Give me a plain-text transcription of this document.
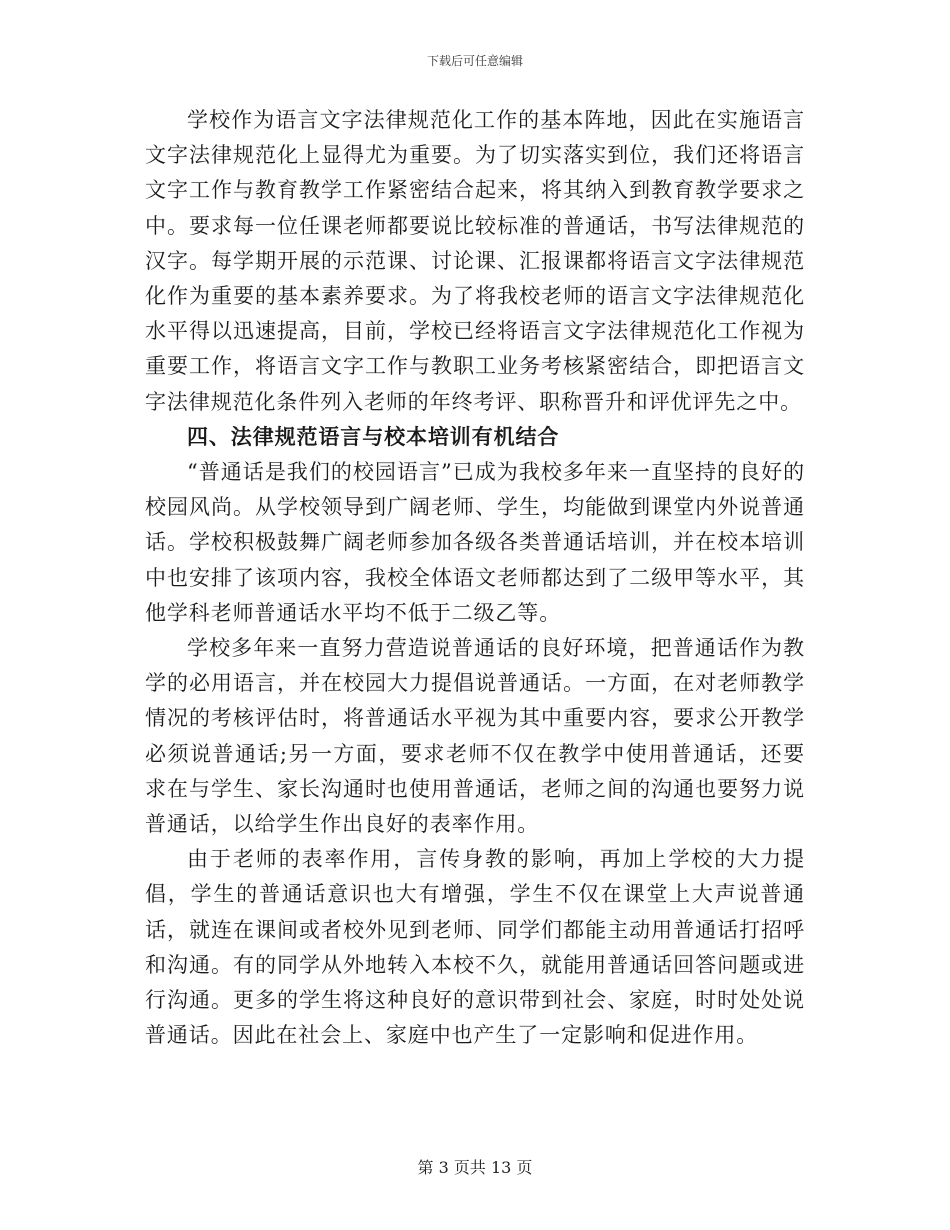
下载后可任意编辑

学校作为语言文字法律规范化工作的基本阵地，因此在实施语言文字法律规范化上显得尤为重要。为了切实落实到位，我们还将语言文字工作与教育教学工作紧密结合起来，将其纳入到教育教学要求之中。要求每一位任课老师都要说比较标准的普通话，书写法律规范的汉字。每学期开展的示范课、讨论课、汇报课都将语言文字法律规范化作为重要的基本素养要求。为了将我校老师的语言文字法律规范化水平得以迅速提高，目前，学校已经将语言文字法律规范化工作视为重要工作，将语言文字工作与教职工业务考核紧密结合，即把语言文字法律规范化条件列入老师的年终考评、职称晋升和评优评先之中。

四、法律规范语言与校本培训有机结合

“普通话是我们的校园语言”已成为我校多年来一直坚持的良好的校园风尚。从学校领导到广阔老师、学生，均能做到课堂内外说普通话。学校积极鼓舞广阔老师参加各级各类普通话培训，并在校本培训中也安排了该项内容，我校全体语文老师都达到了二级甲等水平，其他学科老师普通话水平均不低于二级乙等。

学校多年来一直努力营造说普通话的良好环境，把普通话作为教学的必用语言，并在校园大力提倡说普通话。一方面，在对老师教学情况的考核评估时，将普通话水平视为其中重要内容，要求公开教学必须说普通话;另一方面，要求老师不仅在教学中使用普通话，还要求在与学生、家长沟通时也使用普通话，老师之间的沟通也要努力说普通话，以给学生作出良好的表率作用。

由于老师的表率作用，言传身教的影响，再加上学校的大力提倡，学生的普通话意识也大有增强，学生不仅在课堂上大声说普通话，就连在课间或者校外见到老师、同学们都能主动用普通话打招呼和沟通。有的同学从外地转入本校不久，就能用普通话回答问题或进行沟通。更多的学生将这种良好的意识带到社会、家庭，时时处处说普通话。因此在社会上、家庭中也产生了一定影响和促进作用。

第 3 页共 13 页
